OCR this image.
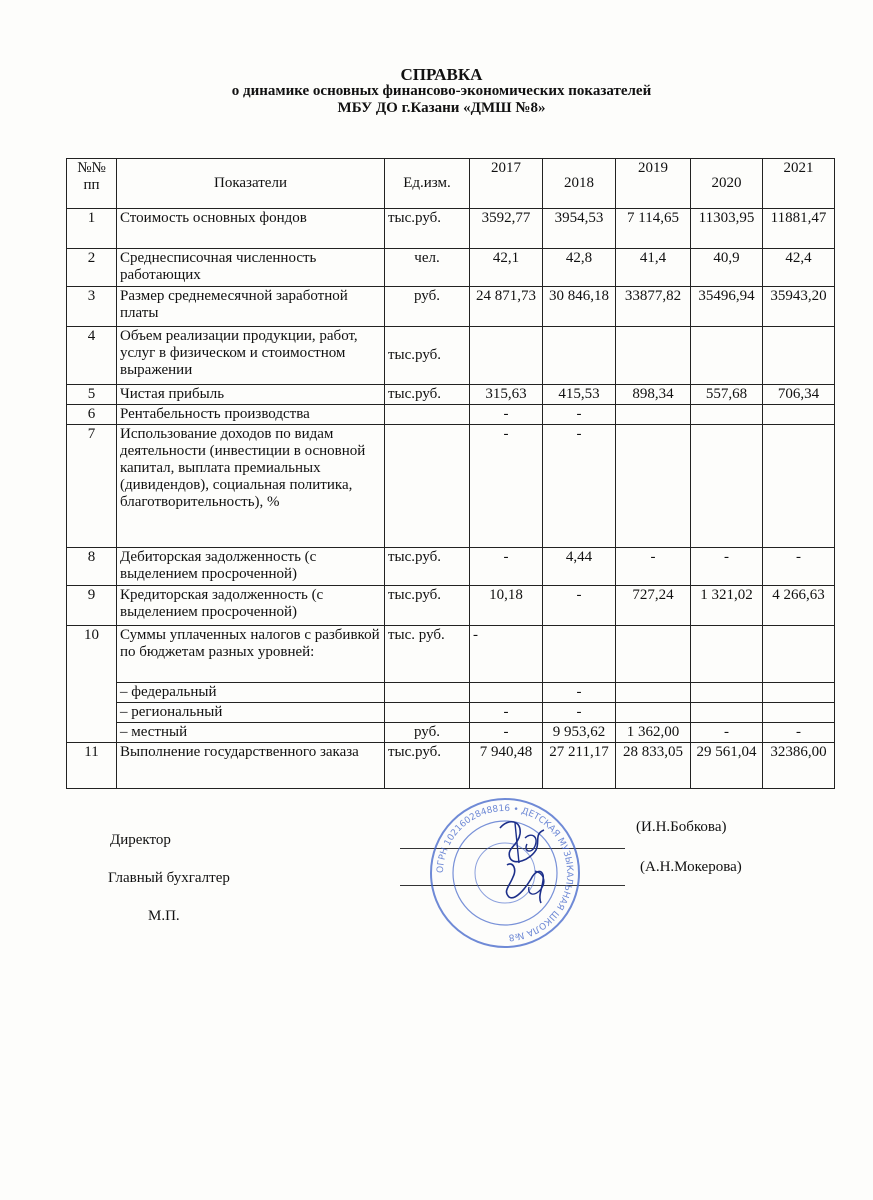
СПРАВКА
о динамике основных финансово-экономических показателей
МБУ ДО г.Казани «ДМШ №8»
№№ пп	Показатели	Ед.изм.	2017	2018	2019	2020	2021
1	Стоимость основных фондов	тыс.руб.	3592,77	3954,53	7 114,65	11303,95	11881,47
2	Среднесписочная численность работающих	чел.	42,1	42,8	41,4	40,9	42,4
3	Размер среднемесячной заработной платы	руб.	24 871,73	30 846,18	33877,82	35496,94	35943,20
4	Объем реализации продукции, работ, услуг в физическом и стоимостном выражении	тыс.руб.					
5	Чистая прибыль	тыс.руб.	315,63	415,53	898,34	557,68	706,34
6	Рентабельность производства		-	-			
7	Использование доходов по видам деятельности (инвестиции в основной капитал, выплата премиальных (дивидендов), социальная политика, благотворительность), %		-	-			
8	Дебиторская задолженность (с выделением просроченной)	тыс.руб.	-	4,44	-	-	-
9	Кредиторская задолженность (с выделением просроченной)	тыс.руб.	10,18	-	727,24	1 321,02	4 266,63
10	Суммы уплаченных налогов с разбивкой по бюджетам разных уровней:	тыс. руб.	-				
	– федеральный			-			
	– региональный		-	-			
	– местный	руб.	-	9 953,62	1 362,00	-	-
11	Выполнение государственного заказа	тыс.руб.	7 940,48	27 211,17	28 833,05	29 561,04	32386,00
Директор
(И.Н.Бобкова)
Главный бухгалтер
(А.Н.Мокерова)
М.П.
ОГРН 1021602848816 • ДЕТСКАЯ МУЗЫКАЛЬНАЯ ШКОЛА №8
